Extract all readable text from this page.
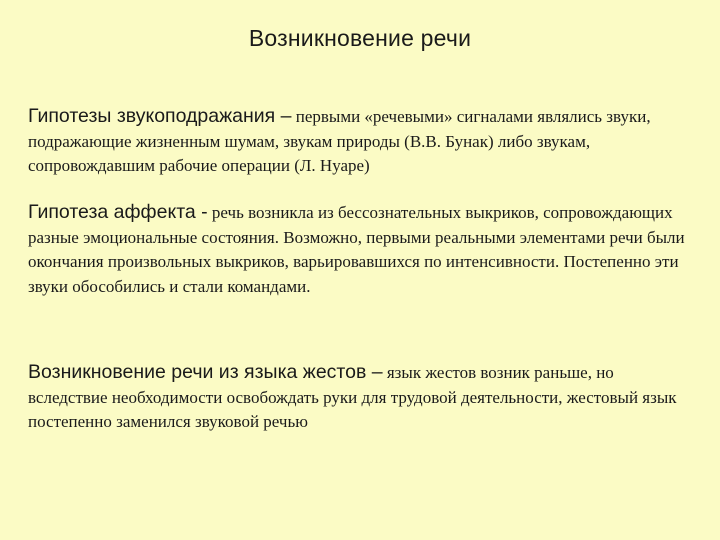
Возникновение речи
Гипотезы звукоподражания – первыми «речевыми» сигналами являлись звуки, подражающие жизненным шумам, звукам природы (В.В. Бунак) либо звукам, сопровождавшим рабочие операции (Л. Нуаре)
Гипотеза аффекта - речь возникла из бессознательных выкриков, сопровождающих разные эмоциональные состояния. Возможно, первыми реальными элементами речи были окончания произвольных выкриков, варьировавшихся по интенсивности. Постепенно эти звуки обособились и стали командами.
Возникновение речи из языка жестов – язык жестов возник раньше, но вследствие необходимости освобождать руки для трудовой деятельности, жестовый язык постепенно заменился звуковой речью
